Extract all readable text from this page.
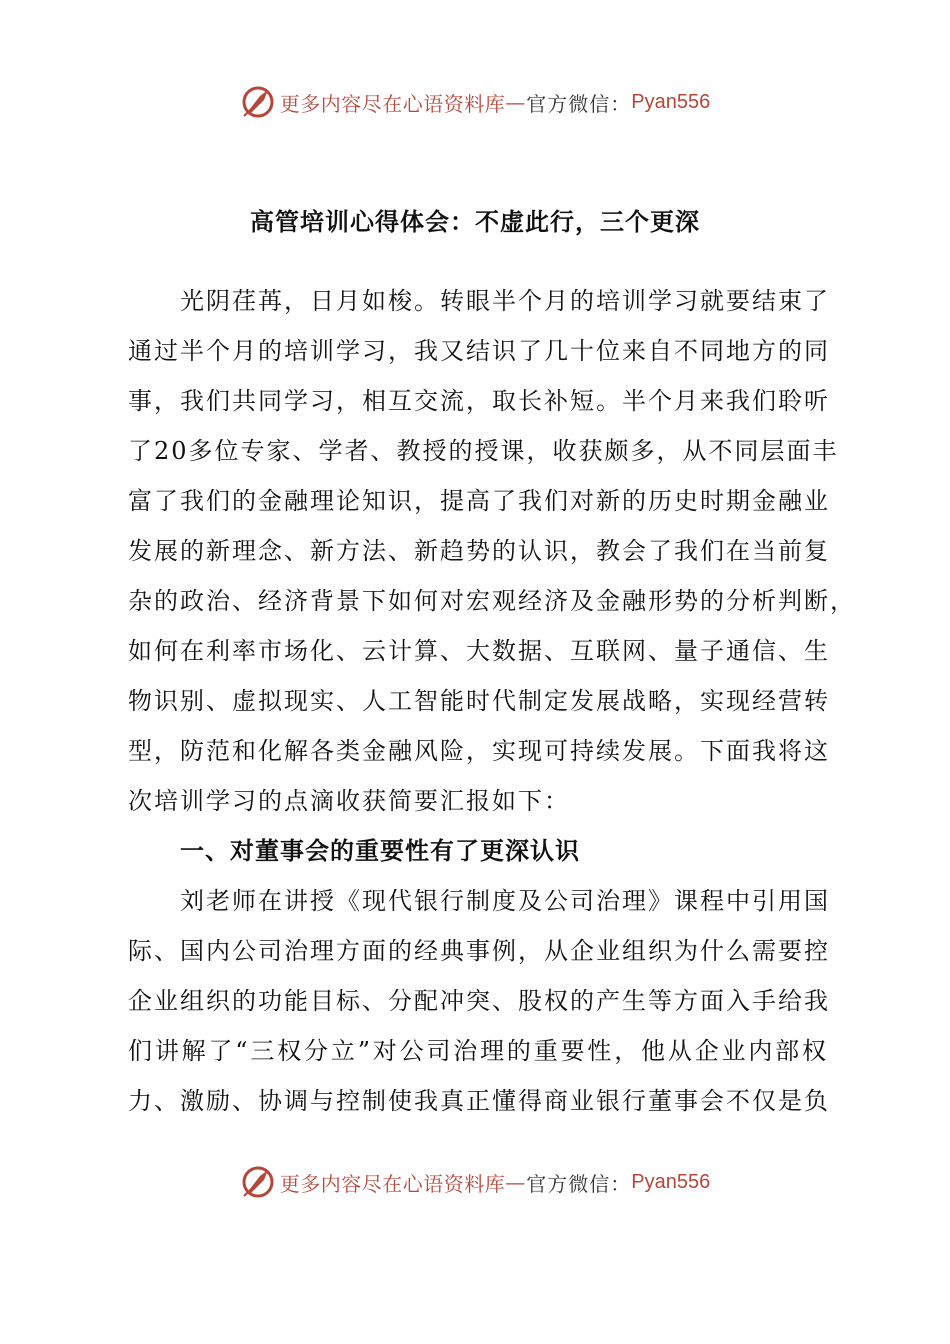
更多内容尽在心语资料库 — 官方微信： Pyan556
高管培训心得体会：不虚此行，三个更深
光阴荏苒，日月如梭。转眼半个月的培训学习就要结束了
通过半个月的培训学习，我又结识了几十位来自不同地方的同
事，我们共同学习，相互交流，取长补短。半个月来我们聆听
了20多位专家、学者、教授的授课，收获颇多，从不同层面丰
富了我们的金融理论知识，提高了我们对新的历史时期金融业
发展的新理念、新方法、新趋势的认识，教会了我们在当前复
杂的政治、经济背景下如何对宏观经济及金融形势的分析判断，
如何在利率市场化、云计算、大数据、互联网、量子通信、生
物识别、虚拟现实、人工智能时代制定发展战略，实现经营转
型，防范和化解各类金融风险，实现可持续发展。下面我将这
次培训学习的点滴收获简要汇报如下：
一、对董事会的重要性有了更深认识
刘老师在讲授《现代银行制度及公司治理》课程中引用国
际、国内公司治理方面的经典事例，从企业组织为什么需要控
企业组织的功能目标、分配冲突、股权的产生等方面入手给我
们讲解了“三权分立”对公司治理的重要性，他从企业内部权
力、激励、协调与控制使我真正懂得商业银行董事会不仅是负
更多内容尽在心语资料库 — 官方微信： Pyan556
